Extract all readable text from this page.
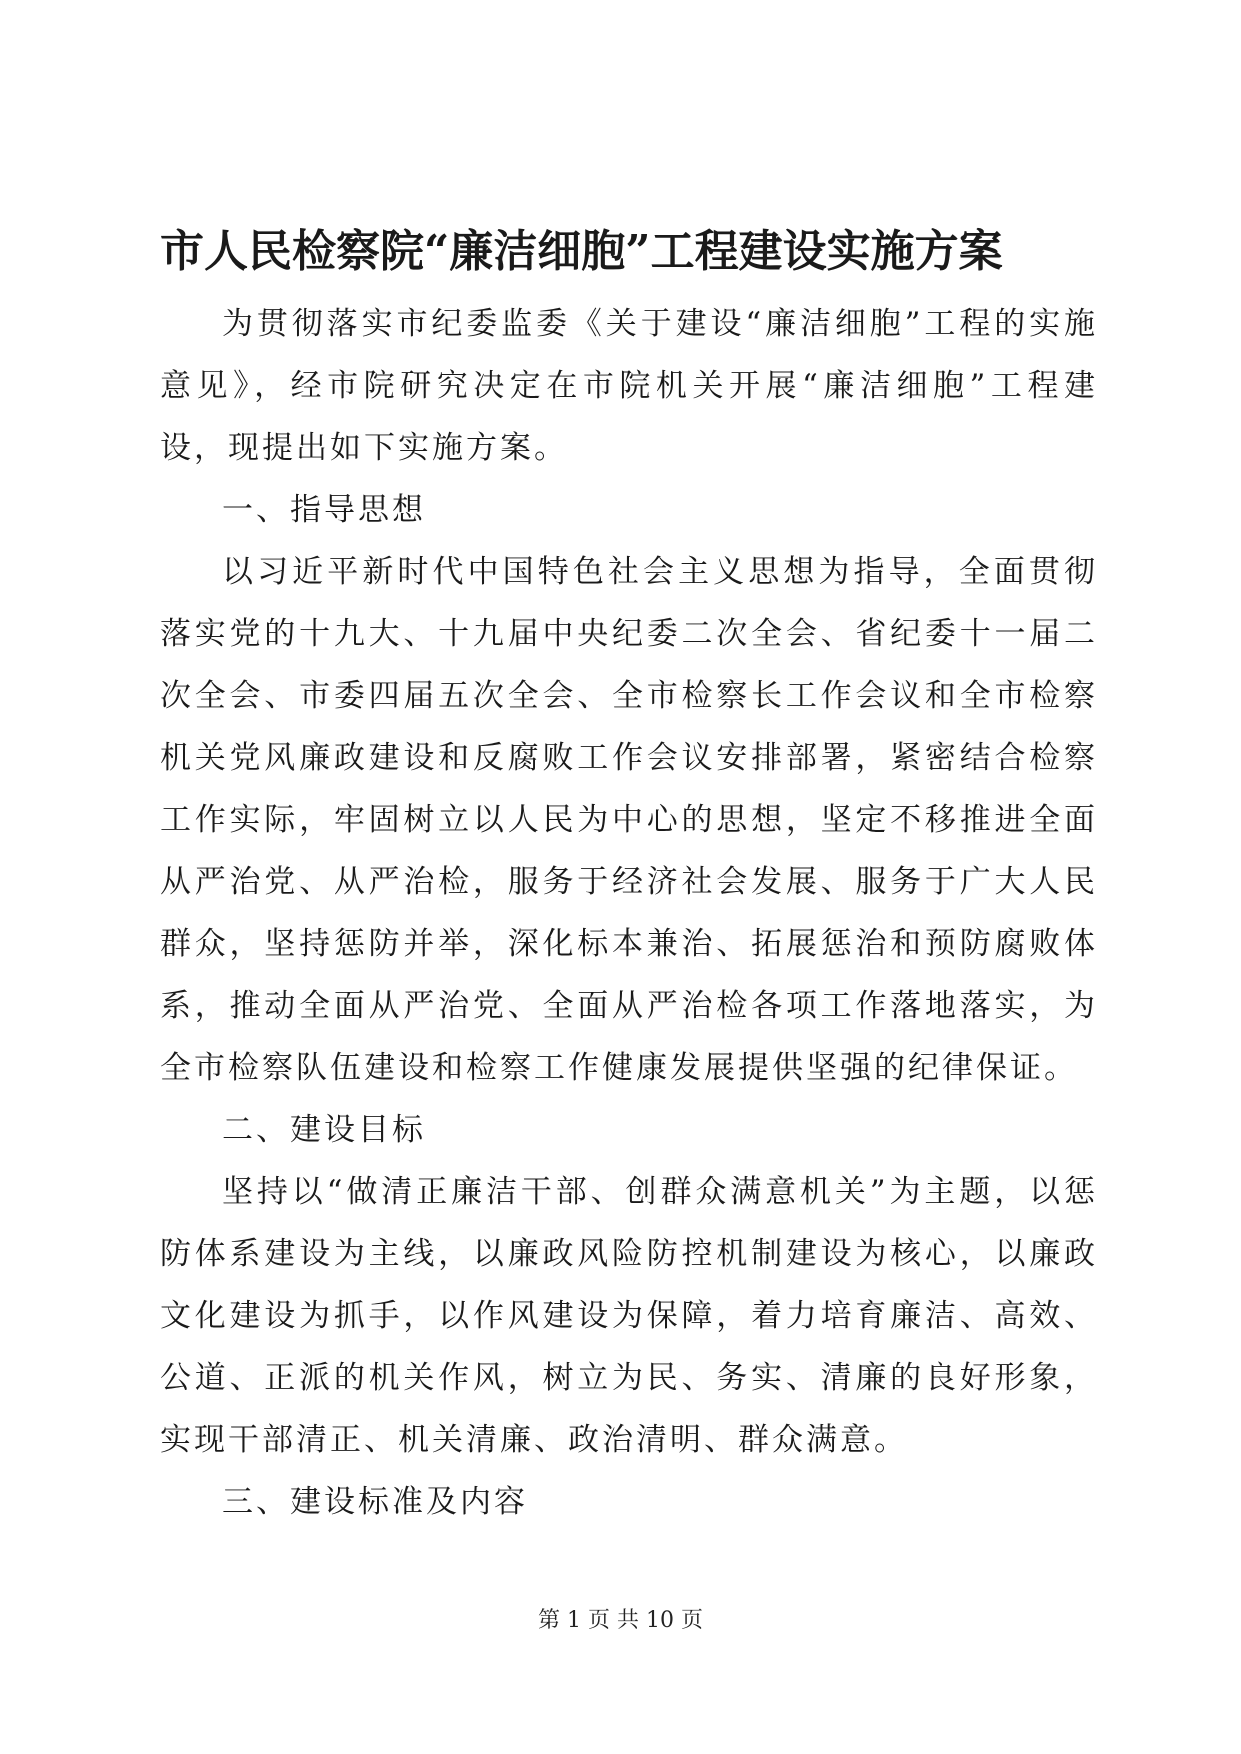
市人民检察院“廉洁细胞”工程建设实施方案

为贯彻落实市纪委监委《关于建设“廉洁细胞”工程的实施意见》，经市院研究决定在市院机关开展“廉洁细胞”工程建设，现提出如下实施方案。

一、指导思想

以习近平新时代中国特色社会主义思想为指导，全面贯彻落实党的十九大、十九届中央纪委二次全会、省纪委十一届二次全会、市委四届五次全会、全市检察长工作会议和全市检察机关党风廉政建设和反腐败工作会议安排部署，紧密结合检察工作实际，牢固树立以人民为中心的思想，坚定不移推进全面从严治党、从严治检，服务于经济社会发展、服务于广大人民群众，坚持惩防并举，深化标本兼治、拓展惩治和预防腐败体系，推动全面从严治党、全面从严治检各项工作落地落实，为全市检察队伍建设和检察工作健康发展提供坚强的纪律保证。

二、建设目标

坚持以“做清正廉洁干部、创群众满意机关”为主题，以惩防体系建设为主线，以廉政风险防控机制建设为核心，以廉政文化建设为抓手，以作风建设为保障，着力培育廉洁、高效、公道、正派的机关作风，树立为民、务实、清廉的良好形象，实现干部清正、机关清廉、政治清明、群众满意。

三、建设标准及内容

第 1 页 共 10 页
